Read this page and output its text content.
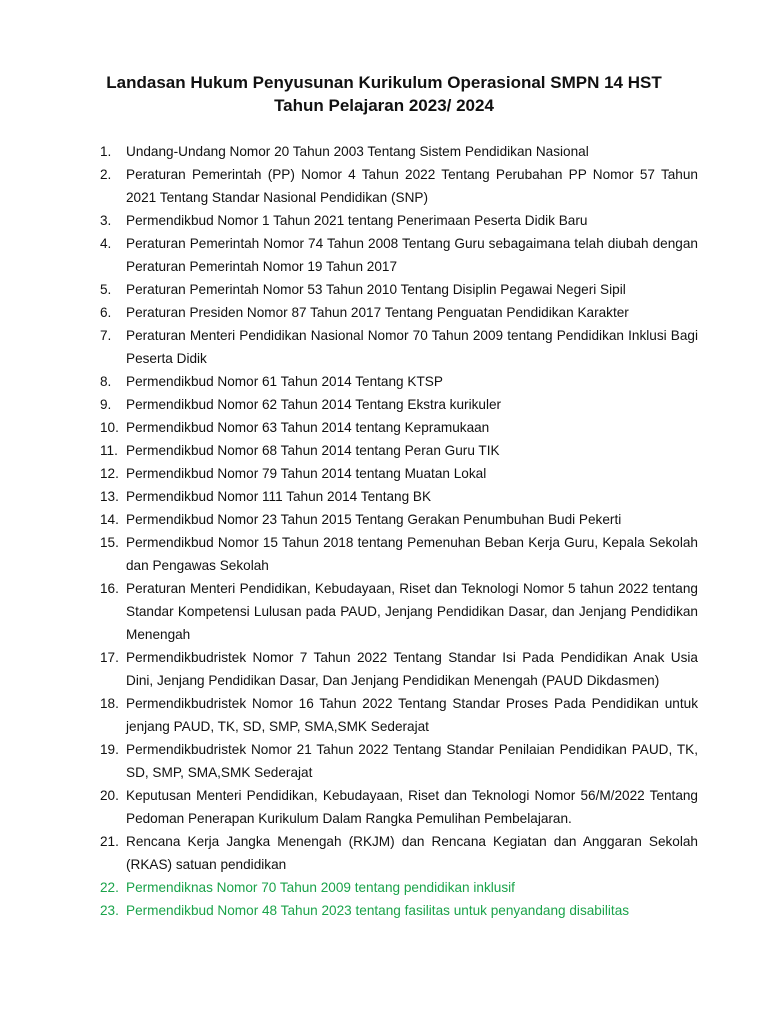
Landasan Hukum Penyusunan Kurikulum Operasional SMPN 14 HST
Tahun Pelajaran 2023/ 2024
1.	Undang-Undang Nomor 20 Tahun 2003 Tentang Sistem Pendidikan Nasional
2.	Peraturan Pemerintah (PP) Nomor 4 Tahun 2022 Tentang Perubahan PP Nomor 57 Tahun 2021 Tentang Standar Nasional Pendidikan (SNP)
3.	Permendikbud Nomor 1 Tahun 2021 tentang Penerimaan Peserta Didik Baru
4.	Peraturan Pemerintah Nomor 74 Tahun 2008 Tentang Guru sebagaimana telah diubah dengan Peraturan Pemerintah Nomor 19 Tahun 2017
5.	Peraturan Pemerintah Nomor 53 Tahun 2010 Tentang Disiplin Pegawai Negeri Sipil
6.	Peraturan Presiden Nomor 87 Tahun 2017 Tentang Penguatan Pendidikan Karakter
7.	Peraturan Menteri Pendidikan Nasional Nomor 70 Tahun 2009 tentang Pendidikan Inklusi Bagi Peserta Didik
8.	Permendikbud Nomor 61 Tahun 2014 Tentang KTSP
9.	Permendikbud Nomor 62 Tahun 2014 Tentang Ekstra kurikuler
10. Permendikbud Nomor 63 Tahun 2014 tentang Kepramukaan
11. Permendikbud Nomor 68 Tahun 2014 tentang Peran Guru TIK
12. Permendikbud Nomor 79 Tahun 2014 tentang Muatan Lokal
13. Permendikbud Nomor 111 Tahun 2014 Tentang BK
14. Permendikbud Nomor 23 Tahun 2015 Tentang Gerakan Penumbuhan Budi Pekerti
15. Permendikbud Nomor 15 Tahun 2018 tentang Pemenuhan Beban Kerja Guru, Kepala Sekolah dan Pengawas Sekolah
16. Peraturan Menteri Pendidikan, Kebudayaan, Riset dan Teknologi Nomor 5 tahun 2022 tentang Standar Kompetensi Lulusan pada PAUD, Jenjang Pendidikan Dasar, dan Jenjang Pendidikan Menengah
17. Permendikbudristek Nomor 7 Tahun 2022 Tentang Standar Isi Pada Pendidikan Anak Usia Dini, Jenjang Pendidikan Dasar, Dan Jenjang Pendidikan Menengah (PAUD Dikdasmen)
18. Permendikbudristek Nomor 16 Tahun 2022 Tentang Standar Proses Pada Pendidikan untuk jenjang PAUD, TK, SD, SMP, SMA,SMK Sederajat
19. Permendikbudristek Nomor 21 Tahun 2022 Tentang Standar Penilaian Pendidikan PAUD, TK, SD, SMP, SMA,SMK Sederajat
20. Keputusan Menteri Pendidikan, Kebudayaan, Riset dan Teknologi Nomor 56/M/2022 Tentang Pedoman Penerapan Kurikulum Dalam Rangka Pemulihan Pembelajaran.
21. Rencana Kerja Jangka Menengah (RKJM) dan Rencana Kegiatan dan Anggaran Sekolah (RKAS) satuan pendidikan
22. Permendiknas Nomor 70 Tahun 2009 tentang pendidikan inklusif
23. Permendikbud Nomor 48 Tahun 2023 tentang fasilitas untuk penyandang disabilitas
